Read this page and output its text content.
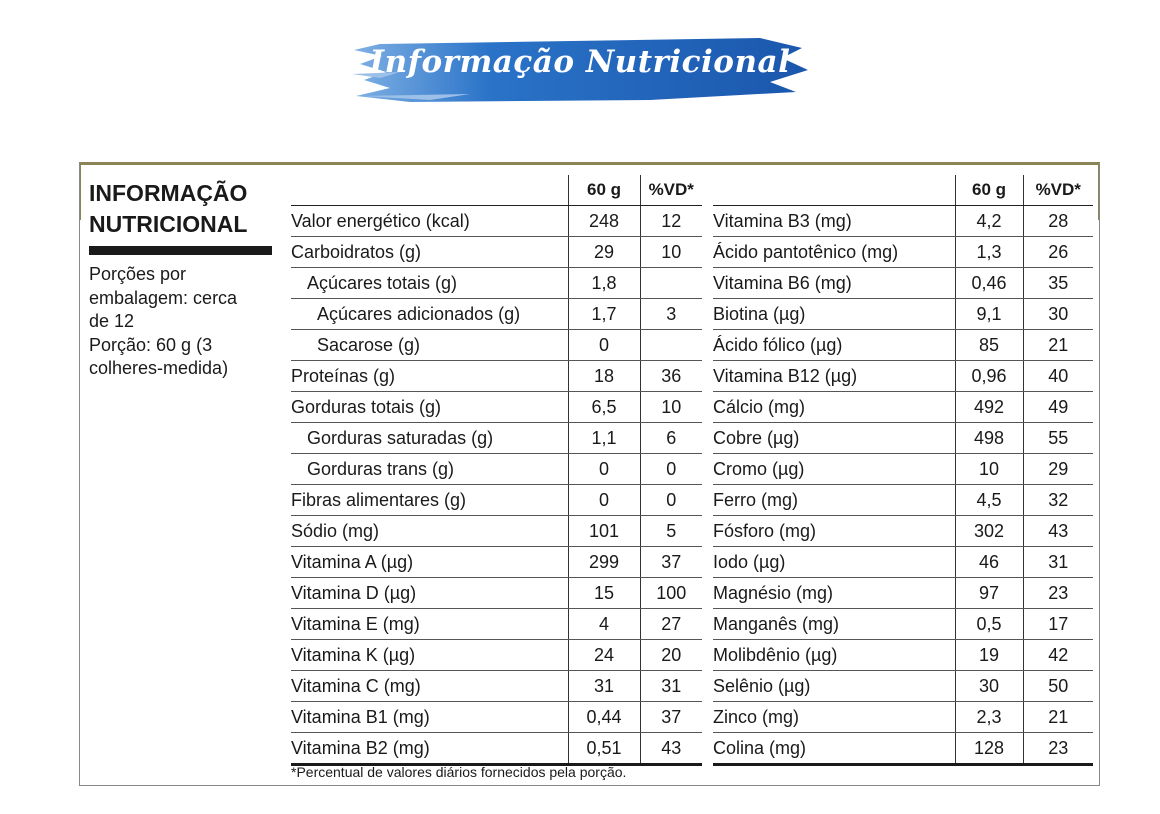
Informação Nutricional
INFORMAÇÃO
NUTRICIONAL
Porções por
embalagem: cerca
de 12
Porção: 60 g (3
colheres-medida)
	60 g	%VD*
Valor energético (kcal)	248	12
Carboidratos (g)	29	10
Açúcares totais (g)	1,8	
Açúcares adicionados (g)	1,7	3
Sacarose (g)	0	
Proteínas (g)	18	36
Gorduras totais (g)	6,5	10
Gorduras saturadas (g)	1,1	6
Gorduras trans (g)	0	0
Fibras alimentares (g)	0	0
Sódio (mg)	101	5
Vitamina A (µg)	299	37
Vitamina D (µg)	15	100
Vitamina E (mg)	4	27
Vitamina K (µg)	24	20
Vitamina C (mg)	31	31
Vitamina B1 (mg)	0,44	37
Vitamina B2 (mg)	0,51	43
	60 g	%VD*
Vitamina B3 (mg)	4,2	28
Ácido pantotênico (mg)	1,3	26
Vitamina B6 (mg)	0,46	35
Biotina (µg)	9,1	30
Ácido fólico (µg)	85	21
Vitamina B12 (µg)	0,96	40
Cálcio (mg)	492	49
Cobre (µg)	498	55
Cromo (µg)	10	29
Ferro (mg)	4,5	32
Fósforo (mg)	302	43
Iodo (µg)	46	31
Magnésio (mg)	97	23
Manganês (mg)	0,5	17
Molibdênio (µg)	19	42
Selênio (µg)	30	50
Zinco (mg)	2,3	21
Colina (mg)	128	23
*Percentual de valores diários fornecidos pela porção.
